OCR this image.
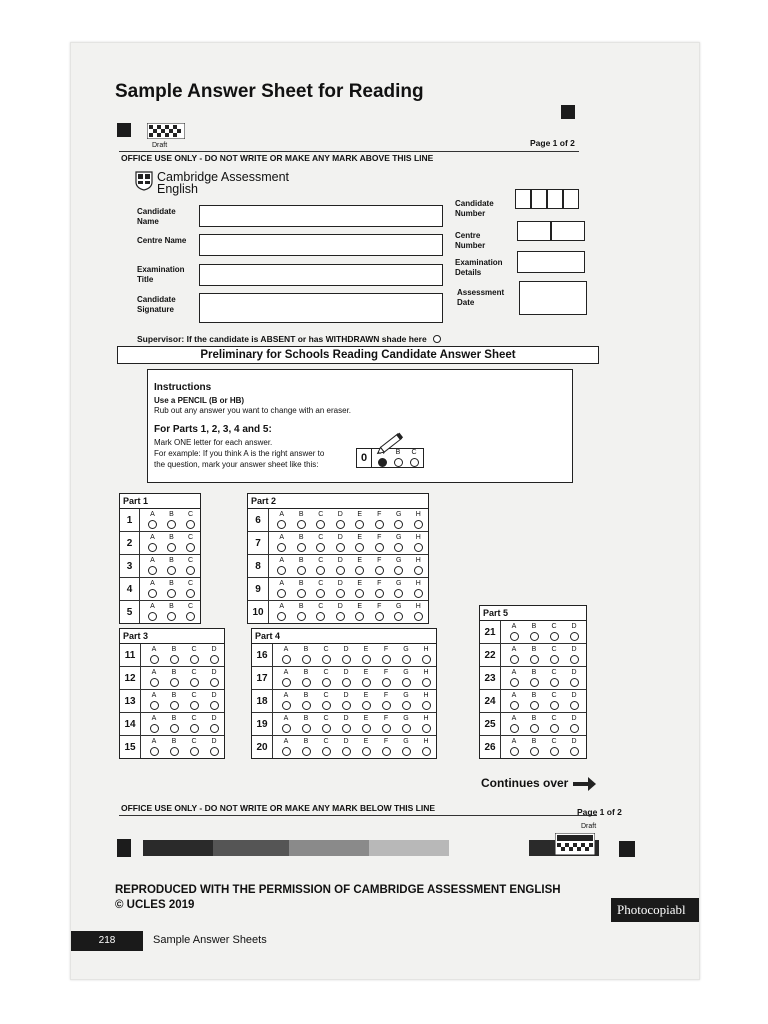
Sample Answer Sheet for Reading
Draft	Page 1 of 2
OFFICE USE ONLY - DO NOT WRITE OR MAKE ANY MARK ABOVE THIS LINE
Cambridge Assessment
English
Candidate Name
Centre Name
Examination Title
Candidate Signature
Candidate Number
Centre Number
Examination Details
Assessment Date
Supervisor: If the candidate is ABSENT or has WITHDRAWN shade here
Preliminary for Schools Reading Candidate Answer Sheet
Instructions
Use a PENCIL (B or HB)
Rub out any answer you want to change with an eraser.
For Parts 1, 2, 3, 4 and 5:
Mark ONE letter for each answer.
For example: If you think A is the right answer to
the question, mark your answer sheet like this:
0	B C
Part 1
1	A B C
2	A B C
3	A B C
4	A B C
5	A B C
Part 2
6	A B C D E F G H
7	A B C D E F G H
8	A B C D E F G H
9	A B C D E F G H
10	A B C D E F G H
Part 3
11	A B C D
12	A B C D
13	A B C D
14	A B C D
15	A B C D
Part 4
16	A B C D E F G H
17	A B C D E F G H
18	A B C D E F G H
19	A B C D E F G H
20	A B C D E F G H
Part 5
21	A B C D
22	A B C D
23	A B C D
24	A B C D
25	A B C D
26	A B C D
Continues over
OFFICE USE ONLY - DO NOT WRITE OR MAKE ANY MARK BELOW THIS LINE	Page 1 of 2
Draft
REPRODUCED WITH THE PERMISSION OF CAMBRIDGE ASSESSMENT ENGLISH
© UCLES 2019	Photocopiabl
218	Sample Answer Sheets
